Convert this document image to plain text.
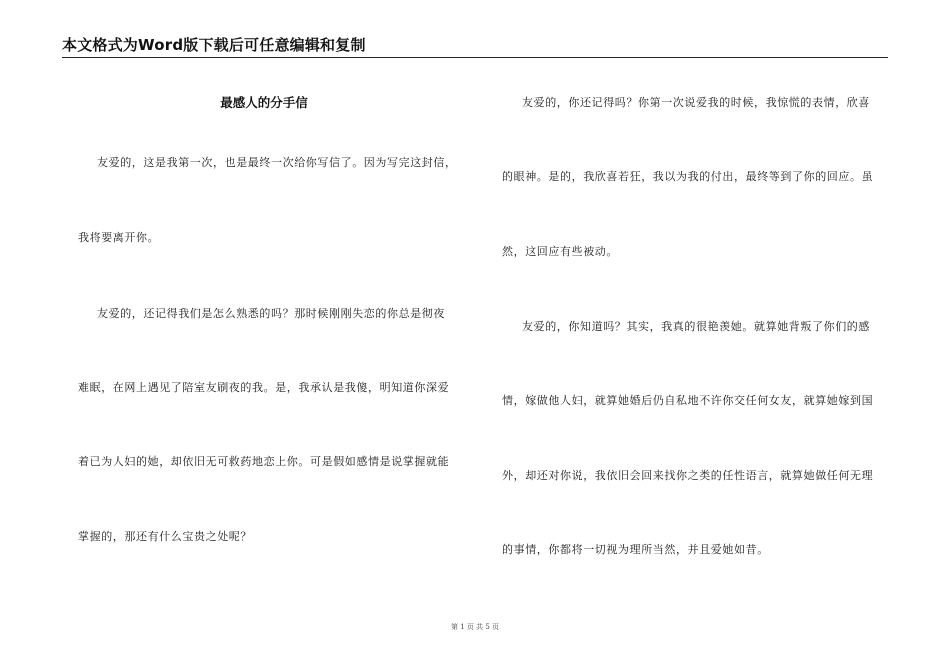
本文格式为Word版下载后可任意编辑和复制
最感人的分手信
友爱的，这是我第一次，也是最终一次给你写信了。因为写完这封信，
我将要离开你。
友爱的，还记得我们是怎么熟悉的吗？那时候刚刚失恋的你总是彻夜
难眠，在网上遇见了陪室友刷夜的我。是，我承认是我傻，明知道你深爱
着已为人妇的她，却依旧无可救药地恋上你。可是假如感情是说掌握就能
掌握的，那还有什么宝贵之处呢？
友爱的，你还记得吗？你第一次说爱我的时候，我惊慌的表情，欣喜
的眼神。是的，我欣喜若狂，我以为我的付出，最终等到了你的回应。虽
然，这回应有些被动。
友爱的，你知道吗？其实，我真的很艳羡她。就算她背叛了你们的感
情，嫁做他人妇，就算她婚后仍自私地不许你交任何女友，就算她嫁到国
外，却还对你说，我依旧会回来找你之类的任性语言，就算她做任何无理
的事情，你都将一切视为理所当然，并且爱她如昔。
第 1 页 共 5 页
